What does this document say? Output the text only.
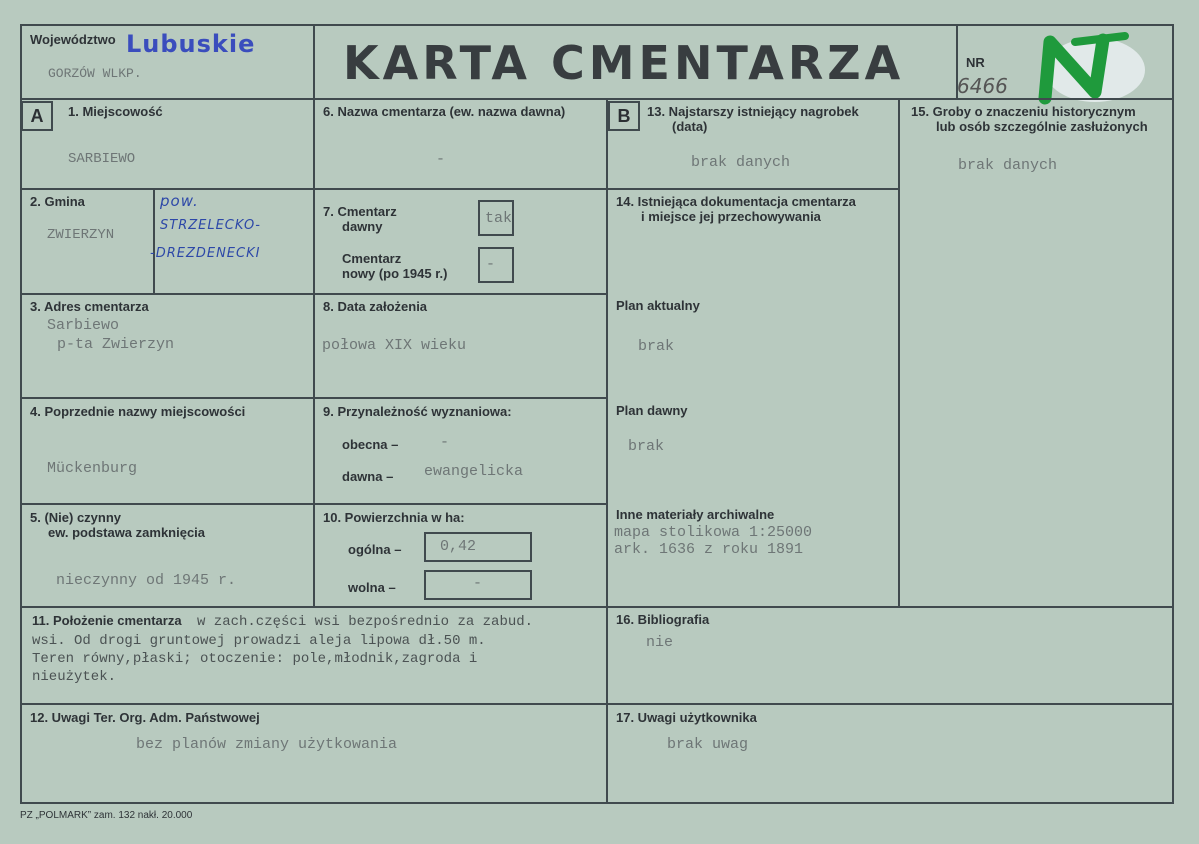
Województwo Lubuskie
GORZÓW WLKP.	KARTA CMENTARZA	NR
6466
A	1. Miejscowość
SARBIEWO
6. Nazwa cmentarza (ew. nazwa dawna)
-
B	13. Najstarszy istniejący nagrobek
(data)
brak danych
15. Groby o znaczeniu historycznym
lub osób szczególnie zasłużonych
brak danych
2. Gmina
ZWIERZYN
pow.
STRZELECKO-
-DREZDENECKI
7. Cmentarz
dawny	tak
Cmentarz
nowy (po 1945 r.)
-
14. Istniejąca dokumentacja cmentarza
i miejsce jej przechowywania
Plan aktualny
brak
Plan dawny
brak
Inne materiały archiwalne
mapa stolikowa 1:25000
ark. 1636 z roku 1891
3. Adres cmentarza
Sarbiewo
p-ta Zwierzyn
8. Data założenia
połowa XIX wieku
4. Poprzednie nazwy miejscowości
Mückenburg
9. Przynależność wyznaniowa:
obecna –	-
dawna – ewangelicka
5. (Nie) czynny
ew. podstawa zamknięcia
nieczynny od 1945 r.
10. Powierzchnia w ha:
ogólna –	0,42
wolna –	-
11. Położenie cmentarza w zach.części wsi bezpośrednio za zabud.
wsi. Od drogi gruntowej prowadzi aleja lipowa dł.50 m.
Teren równy,płaski; otoczenie: pole,młodnik,zagroda i
nieużytek.
16. Bibliografia
nie
12. Uwagi Ter. Org. Adm. Państwowej
bez planów zmiany użytkowania
17. Uwagi użytkownika
brak uwag
PZ „POLMARK” zam. 132 nakł. 20.000
